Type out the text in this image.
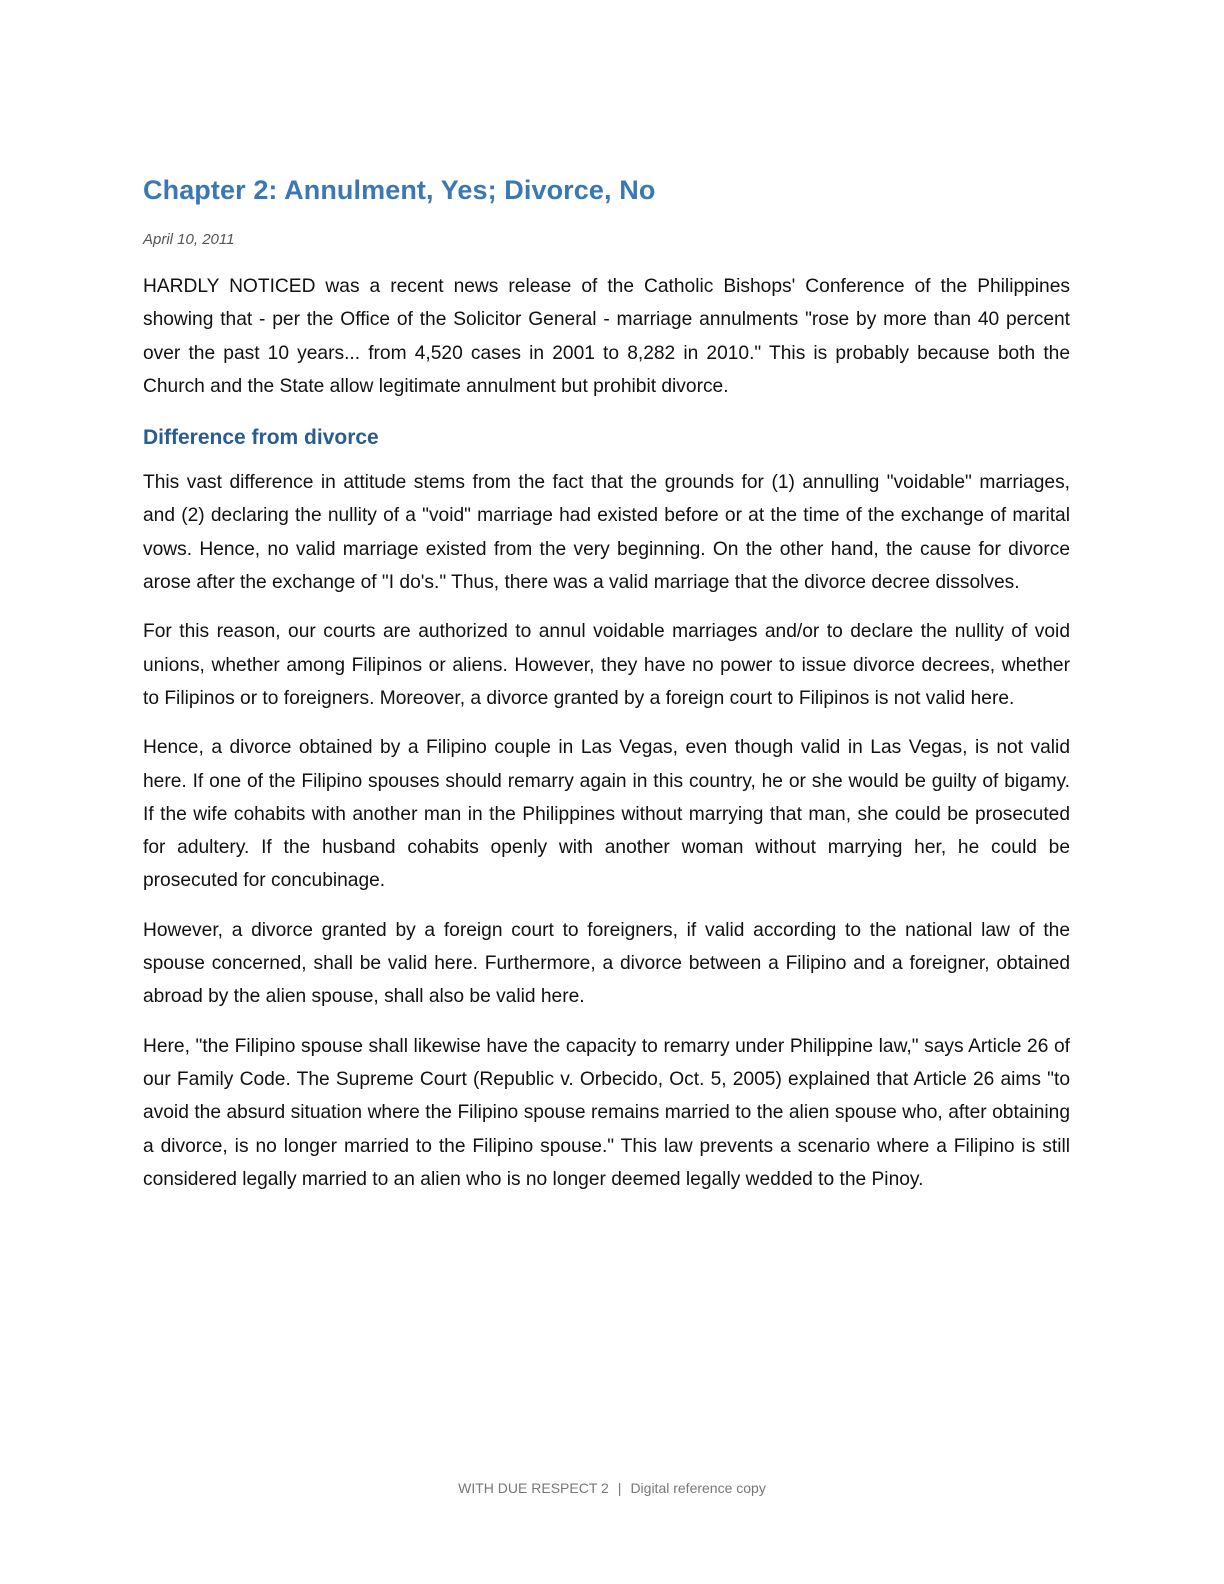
Chapter 2: Annulment, Yes; Divorce, No
April 10, 2011

HARDLY NOTICED was a recent news release of the Catholic Bishops' Conference of the Philippines showing that - per the Office of the Solicitor General - marriage annulments "rose by more than 40 percent over the past 10 years... from 4,520 cases in 2001 to 8,282 in 2010." This is probably because both the Church and the State allow legitimate annulment but prohibit divorce.

Difference from divorce

This vast difference in attitude stems from the fact that the grounds for (1) annulling "voidable" marriages, and (2) declaring the nullity of a "void" marriage had existed before or at the time of the exchange of marital vows. Hence, no valid marriage existed from the very beginning. On the other hand, the cause for divorce arose after the exchange of "I do's." Thus, there was a valid marriage that the divorce decree dissolves.

For this reason, our courts are authorized to annul voidable marriages and/or to declare the nullity of void unions, whether among Filipinos or aliens. However, they have no power to issue divorce decrees, whether to Filipinos or to foreigners. Moreover, a divorce granted by a foreign court to Filipinos is not valid here.

Hence, a divorce obtained by a Filipino couple in Las Vegas, even though valid in Las Vegas, is not valid here. If one of the Filipino spouses should remarry again in this country, he or she would be guilty of bigamy. If the wife cohabits with another man in the Philippines without marrying that man, she could be prosecuted for adultery. If the husband cohabits openly with another woman without marrying her, he could be prosecuted for concubinage.

However, a divorce granted by a foreign court to foreigners, if valid according to the national law of the spouse concerned, shall be valid here. Furthermore, a divorce between a Filipino and a foreigner, obtained abroad by the alien spouse, shall also be valid here.

Here, "the Filipino spouse shall likewise have the capacity to remarry under Philippine law," says Article 26 of our Family Code. The Supreme Court (Republic v. Orbecido, Oct. 5, 2005) explained that Article 26 aims "to avoid the absurd situation where the Filipino spouse remains married to the alien spouse who, after obtaining a divorce, is no longer married to the Filipino spouse." This law prevents a scenario where a Filipino is still considered legally married to an alien who is no longer deemed legally wedded to the Pinoy.

WITH DUE RESPECT 2 | Digital reference copy
